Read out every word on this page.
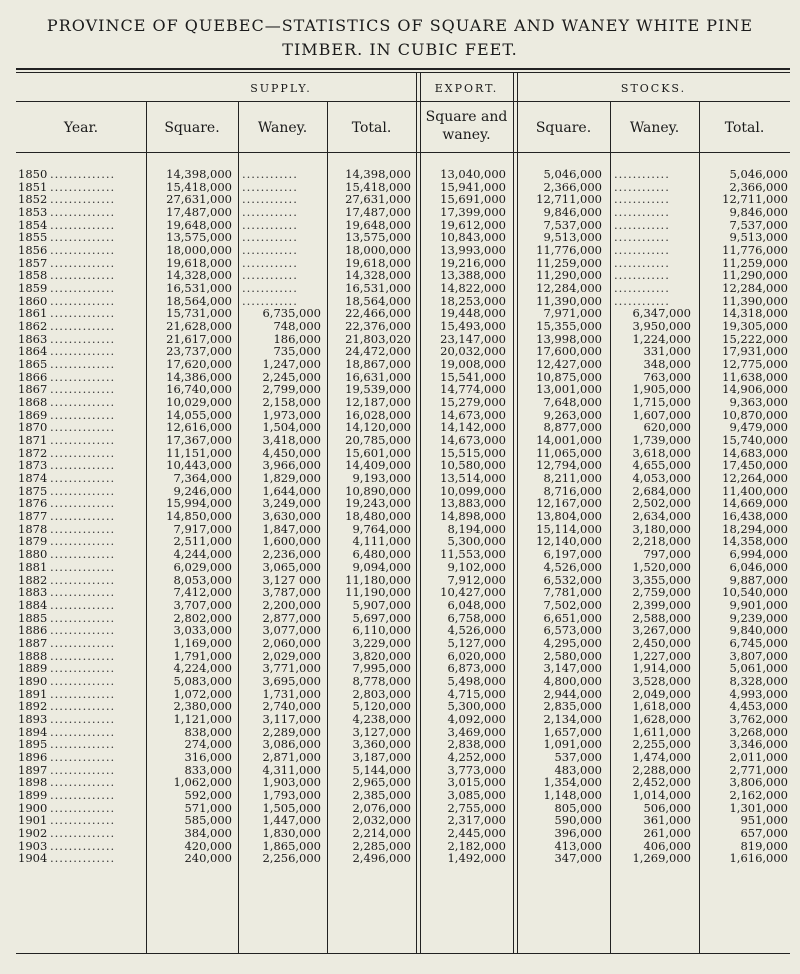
PROVINCE OF QUEBEC—STATISTICS OF SQUARE AND WANEY WHITE PINE
TIMBER. IN CUBIC FEET.
SUPPLY.	EXPORT.	STOCKS.
Year.	Square.	Waney.	Total.
Square and
waney.	Square.	Waney.	Total.
1850 ..............	14,398,000 ............	14,398,000	13,040,000	5,046,000 ............	5,046,000
1851 ..............	15,418,000 ............	15,418,000	15,941,000	2,366,000 ............	2,366,000
1852 ..............	27,631,000 ............	27,631,000	15,691,000	12,711,000 ............	12,711,000
1853 ..............	17,487,000 ............	17,487,000	17,399,000	9,846,000 ............	9,846,000
1854 ..............	19,648,000 ............	19,648,000	19,612,000	7,537,000 ............	7,537,000
1855 ..............	13,575,000 ............	13,575,000	10,843,000	9,513,000 ............	9,513,000
1856 ..............	18,000,000 ............	18,000,000	13,993,000	11,776,000 ............	11,776,000
1857 ..............	19,618,000 ............	19,618,000	19,216,000	11,259,000 ............	11,259,000
1858 ..............	14,328,000 ............	14,328,000	13,388,000	11,290,000 ............	11,290,000
1859 ..............	16,531,000 ............	16,531,000	14,822,000	12,284,000 ............	12,284,000
1860 ..............	18,564,000 ............	18,564,000	18,253,000	11,390,000 ............	11,390,000
1861 ..............	15,731,000	6,735,000 22,466,000	19,448,000	7,971,000	6,347,000	14,318,000
1862 ..............	21,628,000	748,000 22,376,000	15,493,000	15,355,000	3,950,000	19,305,000
1863 ..............	21,617,000	186,000 21,803,020	23,147,000	13,998,000	1,224,000	15,222,000
1864 ..............	23,737,000	735,000 24,472,000	20,032,000	17,600,000	331,000	17,931,000
1865 ..............	17,620,000	1,247,000 18,867,000	19,008,000	12,427,000	348,000	12,775,000
1866 ..............	14,386,000	2,245,000 16,631,000	15,541,000	10,875,000	763,000	11,638,000
1867 ..............	16,740,000	2,799,000 19,539,000	14,774,000	13,001,000	1,905,000	14,906,000
1868 ..............	10,029,000	2,158,000 12,187,000	15,279,000	7,648,000	1,715,000	9,363,000
1869 ..............	14,055,000	1,973,000 16,028,000	14,673,000	9,263,000	1,607,000	10,870,000
1870 ..............	12,616,000	1,504,000 14,120,000	14,142,000	8,877,000	620,000	9,479,000
1871 ..............	17,367,000	3,418,000 20,785,000	14,673,000	14,001,000	1,739,000	15,740,000
1872 ..............	11,151,000	4,450,000 15,601,000	15,515,000	11,065,000	3,618,000	14,683,000
1873 ..............	10,443,000	3,966,000 14,409,000	10,580,000	12,794,000	4,655,000	17,450,000
1874 ..............	7,364,000	1,829,000	9,193,000	13,514,000	8,211,000	4,053,000	12,264,000
1875 ..............	9,246,000	1,644,000 10,890,000	10,099,000	8,716,000	2,684,000	11,400,000
1876 ..............	15,994,000	3,249,000 19,243,000	13,883,000	12,167,000	2,502,000	14,669,000
1877 ..............	14,850,000	3,630,000 18,480,000	14,898,000	13,804,000	2,634,000	16,438,000
1878 ..............	7,917,000	1,847,000	9,764,000	8,194,000	15,114,000	3,180,000	18,294,000
1879 ..............	2,511,000	1,600,000	4,111,000	5,300,000	12,140,000	2,218,000	14,358,000
1880 ..............	4,244,000	2,236,000	6,480,000	11,553,000	6,197,000	797,000	6,994,000
1881 ..............	6,029,000	3,065,000	9,094,000	9,102,000	4,526,000	1,520,000	6,046,000
1882 ..............	8,053,000	3,127 000 11,180,000	7,912,000	6,532,000	3,355,000	9,887,000
1883 ..............	7,412,000	3,787,000 11,190,000	10,427,000	7,781,000	2,759,000	10,540,000
1884 ..............	3,707,000	2,200,000	5,907,000	6,048,000	7,502,000	2,399,000	9,901,000
1885 ..............	2,802,000	2,877,000	5,697,000	6,758,000	6,651,000	2,588,000	9,239,000
1886 ..............	3,033,000	3,077,000	6,110,000	4,526,000	6,573,000	3,267,000	9,840,000
1887 ..............	1,169,000	2,060,000	3,229,000	5,127,000	4,295,000	2,450,000	6,745,000
1888 ..............	1,791,000	2,029,000	3,820,000	6,020,000	2,580,000	1,227,000	3,807,000
1889 ..............	4,224,000	3,771,000	7,995,000	6,873,000	3,147,000	1,914,000	5,061,000
1890 ..............	5,083,000	3,695,000	8,778,000	5,498,000	4,800,000	3,528,000	8,328,000
1891 ..............	1,072,000	1,731,000	2,803,000	4,715,000	2,944,000	2,049,000	4,993,000
1892 ..............	2,380,000	2,740,000	5,120,000	5,300,000	2,835,000	1,618,000	4,453,000
1893 ..............	1,121,000	3,117,000	4,238,000	4,092,000	2,134,000	1,628,000	3,762,000
1894 ..............	838,000	2,289,000	3,127,000	3,469,000	1,657,000	1,611,000	3,268,000
1895 ..............	274,000	3,086,000	3,360,000	2,838,000	1,091,000	2,255,000	3,346,000
1896 ..............	316,000	2,871,000	3,187,000	4,252,000	537,000	1,474,000	2,011,000
1897 ..............	833,000	4,311,000	5,144,000	3,773,000	483,000	2,288,000	2,771,000
1898 ..............	1,062,000	1,903,000	2,965,000	3,015,000	1,354,000	2,452,000	3,806,000
1899 ..............	592,000	1,793,000	2,385,000	3,085,000	1,148,000	1,014,000	2,162,000
1900 ..............	571,000	1,505,000	2,076,000	2,755,000	805,000	506,000	1,301,000
1901 ..............	585,000	1,447,000	2,032,000	2,317,000	590,000	361,000	951,000
1902 ..............	384,000	1,830,000	2,214,000	2,445,000	396,000	261,000	657,000
1903 ..............	420,000	1,865,000	2,285,000	2,182,000	413,000	406,000	819,000
1904 ..............	240,000	2,256,000	2,496,000	1,492,000	347,000	1,269,000	1,616,000
